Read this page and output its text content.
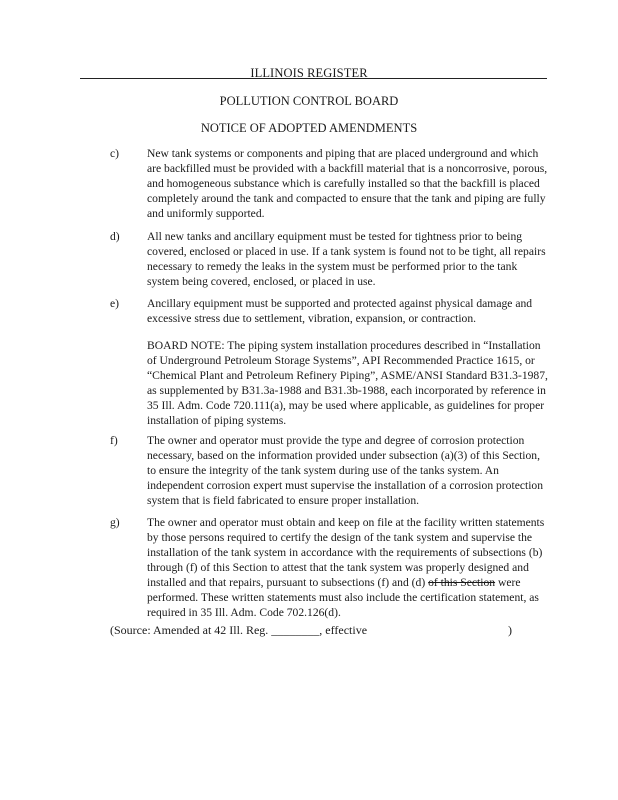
ILLINOIS REGISTER
POLLUTION CONTROL BOARD
NOTICE OF ADOPTED AMENDMENTS
c)	New tank systems or components and piping that are placed underground and which are backfilled must be provided with a backfill material that is a noncorrosive, porous, and homogeneous substance which is carefully installed so that the backfill is placed completely around the tank and compacted to ensure that the tank and piping are fully and uniformly supported.
d)	All new tanks and ancillary equipment must be tested for tightness prior to being covered, enclosed or placed in use. If a tank system is found not to be tight, all repairs necessary to remedy the leaks in the system must be performed prior to the tank system being covered, enclosed, or placed in use.
e)	Ancillary equipment must be supported and protected against physical damage and excessive stress due to settlement, vibration, expansion, or contraction.
BOARD NOTE: The piping system installation procedures described in “Installation of Underground Petroleum Storage Systems”, API Recommended Practice 1615, or “Chemical Plant and Petroleum Refinery Piping”, ASME/ANSI Standard B31.3-1987, as supplemented by B31.3a-1988 and B31.3b-1988, each incorporated by reference in 35 Ill. Adm. Code 720.111(a), may be used where applicable, as guidelines for proper installation of piping systems.
f)	The owner and operator must provide the type and degree of corrosion protection necessary, based on the information provided under subsection (a)(3) of this Section, to ensure the integrity of the tank system during use of the tanks system. An independent corrosion expert must supervise the installation of a corrosion protection system that is field fabricated to ensure proper installation.
g)	The owner and operator must obtain and keep on file at the facility written statements by those persons required to certify the design of the tank system and supervise the installation of the tank system in accordance with the requirements of subsections (b) through (f) of this Section to attest that the tank system was properly designed and installed and that repairs, pursuant to subsections (f) and (d) of this Section were performed. These written statements must also include the certification statement, as required in 35 Ill. Adm. Code 702.126(d).
(Source: Amended at 42 Ill. Reg. ________, effective	)
